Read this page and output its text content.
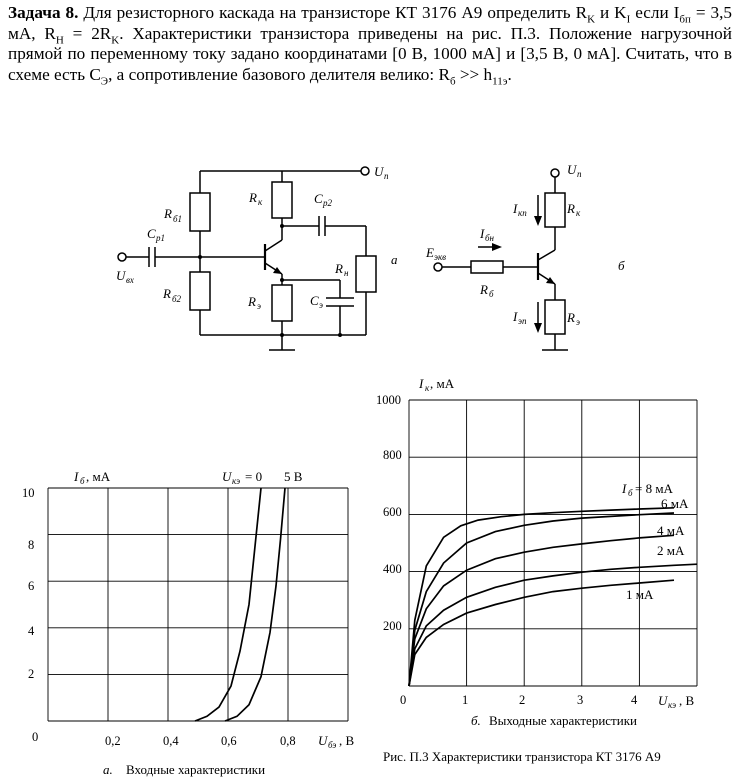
Задача 8. Для резисторного каскада на транзисторе КТ 3176 А9 определить $R_K$ и $K_I$ если $I_{бп} = 3,5$ мА, $R_Н = 2R_K$. Характеристики транзистора приведены на рис. П.3. Положение нагрузочной прямой по переменному току задано координатами [0 В, 1000 мА] и [3,5 В, 0 мА]. Считать, что в схеме есть $С_Э$, а сопротивление базового делителя велико: $R_б >> h_{11э}$.
U п
R б1
R б2
С р1
U вх
R к	С р2
R н
R э	С э
а
U п
R к
I кп
E экв
R б
I бн
R э
I эп
б
0	0,2	0,4	0,6	0,8
2
4
6
8
10
I б , мА
U бэ , В
U кэ = 0 5 В
а. Входные характеристики
0	1	2	3	4
200
400
600
800
1000
I к , мА
U кэ , В
1 мА
2 мА
4 мА
6 мА
I б = 8 мА
б. Выходные характеристики
Рис. П.3 Характеристики транзистора КТ 3176 А9
